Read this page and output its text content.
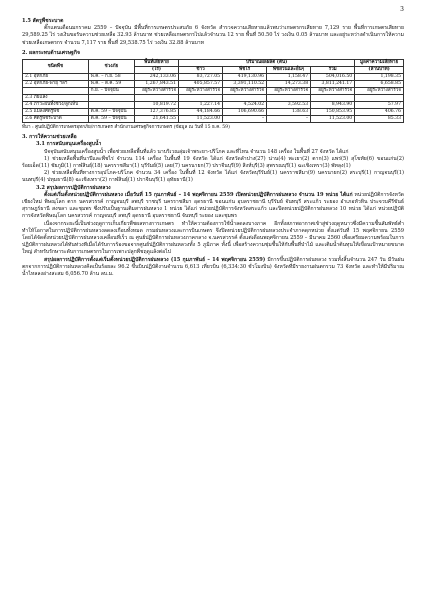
3
1.5 สัตรูพืชระบาด

ตั๊กแตนเดือนมกราคม 2559 – ปัจจุบัน มีพื้นที่การเกษตรประสบภัย 6 จังหวัด สำรวจความเสียหายแล้วพบว่าเกษตรกรเสียหาย 7,129 ราย พื้นที่การเกษตรเสียหาย 29,589.25 ไร่ วงเงินขอรับความช่วยเหลือ 32.93 ล้านบาท ช่วยเหลือเกษตรกรไปแล้วจำนวน 12 ราย พื้นที่ 50.50 ไร่ วงเงิน 0.05 ล้านบาท และอยู่ระหว่างดำเนินการให้ความช่วยเหลือเกษตรกร จำนวน 7,117 ราย พื้นที่ 29,538.75 ไร่ วงเงิน 32.88 ล้านบาท

2. ผลกระทบด้านเศรษฐกิจ
ชนิดพืช	ช่วงภัย	พื้นที่เสียหาย	ปริมาณผลผลิต (ตัน)				มูลค่าความเสียหาย
		(ไร่)	ข้าว	พืชไร่	พืชสวนและอื่นๆ	รวม	(ล้านบาท)
2.1 อุทกภัย	พ.ค. – ก.ย. 58	242,133.06	83,727.05	419,130.96	1,158.47	504,016.50	1,198.35
2.2 อุทกภัย-พายุ ฯลฯ	พ.ค. – ต.ค. 59	1,267,843.51	405,857.57	3,391,110.52	14,273.38	3,811,241.17	6,658.85
	ก.ย. – ปัจจุบัน	อยู่ระหว่างสำรวจ	อยู่ระหว่างสำรวจ	อยู่ระหว่างสำรวจ	อยู่ระหว่างสำรวจ	อยู่ระหว่างสำรวจ	อยู่ระหว่างสำรวจ
2.3 ภัยแล้ง							
2.4 ภาวะฝนทิ้งช่วง/ลูกเห็บ		10,819.72	1,227.14	4,524.02	3,592.53	8,943.90	57.97
2.5 แมลงศัตรูพืช	ต.ค. 59 – ปัจจุบัน	127,376.85	44,184.66	106,690.66	138.63	150,853.95	406.76
2.6 ศัตรูพืชระบาด	ต.ค. 59 – ปัจจุบัน	21,641.55	11,523.00	–	–	11,523.00	85.33
ที่มา : ศูนย์ปฏิบัติการเกษตรอุทกภัย/การเกษตร สำนักงานเศรษฐกิจการเกษตร (ข้อมูล ณ วันที่ 15 ธ.ค. 59)
3. การให้ความช่วยเหลือ

3.1 การสนับสนุนเครื่องสูบน้ำ

ปัจจุบันสนับสนุนเครื่องสูบน้ำ เพื่อช่วยเหลือพื้นที่แล้ว นาบริเวณลุ่มเจ้าพระยา-ปริโภค และที่ไหน จำนวน 148 เครื่อง ในพื้นที่ 27 จังหวัด ได้แก่

1) ช่วยเหลือพื้นที่นาปีและพืชไร่ จำนวน 114 เครื่อง ในพื้นที่ 19 จังหวัด ได้แก่ จังหวัดลำปาง(27) น่าน(4) พะเยา(2) ตาก(3) แพร่(5) สุโขทัย(6) ขอนแก่น(2) ร้อยเอ็ด(11) ชัยภูมิ(1) กาฬสินธุ์(18) นครราชสีมา(1) บุรีรัมย์(5) เลย(7) นครนายก(7) ปราจีนบุรี(9) สิงห์บุรี(3) สุพรรณบุรี(1) ฉะเชิงเทรา(3) พัทลุง(1)

2) ช่วยเหลือพื้นที่ทางการอุปโภค-บริโภค จำนวน 34 เครื่อง ในพื้นที่ 12 จังหวัด ได้แก่ จังหวัดบุรีรัมย์(1) นครราชสีมา(9) นครนายก(2) สระบุรี(1) กาญจนบุรี(1) นนทบุรี(4) ปทุมธานี(8) ฉะเชิงเทรา(2) กาฬสินธุ์(1) ปราจีนบุรี(1) อุทัยธานี(1)

3.2 สรุปผลการปฏิบัติการฝนหลวง

ตั้งแต่เริ่มตั้งหน่วยปฏิบัติการฝนหลวง เมื่อวันที่ 15 กุมภาพันธ์ – 14 พฤศจิกายน 2559 เปิดหน่วยปฏิบัติการฝนหลวง จำนวน 19 หน่วย ได้แก่ หน่วยปฏิบัติการจังหวัดเชียงใหม่ พิษณุโลก ตาก นครสวรรค์ กาญจนบุรี ลพบุรี ราชบุรี นครราชสีมา อุดรธานี ขอนแก่น อุบลราชธานี บุรีรัมย์ จันทบุรี สระแก้ว ระยอง อำเภอหัวหิน ประจวบคีรีขันธ์ สุราษฎร์ธานี สงขลา และชุมพร ซึ่งปรับเป็นฐานเติมสารฝนหลวง 1 หน่วย ได้แก่ หน่วยปฏิบัติการจังหวัดสระแก้ว และปิดหน่วยปฏิบัติการฝนหลวง 10 หน่วย ได้แก่ หน่วยปฏิบัติการจังหวัดพิษณุโลก นครสวรรค์ กาญจนบุรี ลพบุรี อุดรธานี อุบลราชธานี จันทบุรี ระยอง และชุมพร

เนื่องจากระยะนี้เป็นช่วงฤดูการเก็บเกี่ยวพืชผลทางการเกษตร ทำให้ความต้องการใช้น้ำลดลงบางภาค อีกทั้งสภาพอากาศเข้าสู่ช่วงฤดูหนาวซึ่งมีความชื้นสัมพัทธ์ต่ำ ทำให้โอกาสในการปฏิบัติการฝนหลวงลดลงเกือบทั้งหมด กรมฝนหลวงและการบินเกษตร จึงปิดหน่วยปฏิบัติการฝนหลวงประจำภาคดุกหน่วย ตั้งแต่วันที่ 15 พฤศจิกายน 2559 โดยได้จัดตั้งหน่วยปฏิบัติการฝนหลวงเคลื่อนที่เร็ว ณ ศูนย์ปฏิบัติการฝนหลวงภาคกลาง จ.นครสวรรค์ ตั้งแต่เดือนพฤศจิกายน 2559 – มีนาคม 2560 เพื่อเตรียมความพร้อมในการปฏิบัติการฝนหลวงได้ทันท่วงทีเมื่อได้รับการร้องขอจากศูนย์ปฏิบัติการฝนหลวงทั้ง 5 ภูมิภาค ทั้งนี้ เพื่อสร้างความชุ่มชื้นให้กับพื้นที่ป่าไม้ และเติมน้ำต้นทุนให้เขื่อนเป้าหมายขนาดใหญ่ สำหรับรักษาระดับการเกษตรกรในการเพาะปลูกพืชฤดูแล้งต่อไป

สรุปผลการปฏิบัติการตั้งแต่เริ่มตั้งหน่วยปฏิบัติการฝนหลวง (15 กุมภาพันธ์ – 14 พฤศจิกายน 2559) มีการขึ้นปฏิบัติการฝนหลวง รวมทั้งสิ้นจำนวน 247 วัน มีวันฝนตกจากการปฏิบัติการฝนหลวงคิดเป็นร้อยละ 96.2 ขึ้นบินปฏิบัติงานจำนวน 6,613 เที่ยวบิน (6,334:30 ชั่วโมงบิน) จังหวัดที่มีรายงานฝนตกรวม 73 จังหวัด และทำให้มีปริมาณน้ำไหลลงอ่างสะสม 6,056.70 ล้าน ลบ.ม.
